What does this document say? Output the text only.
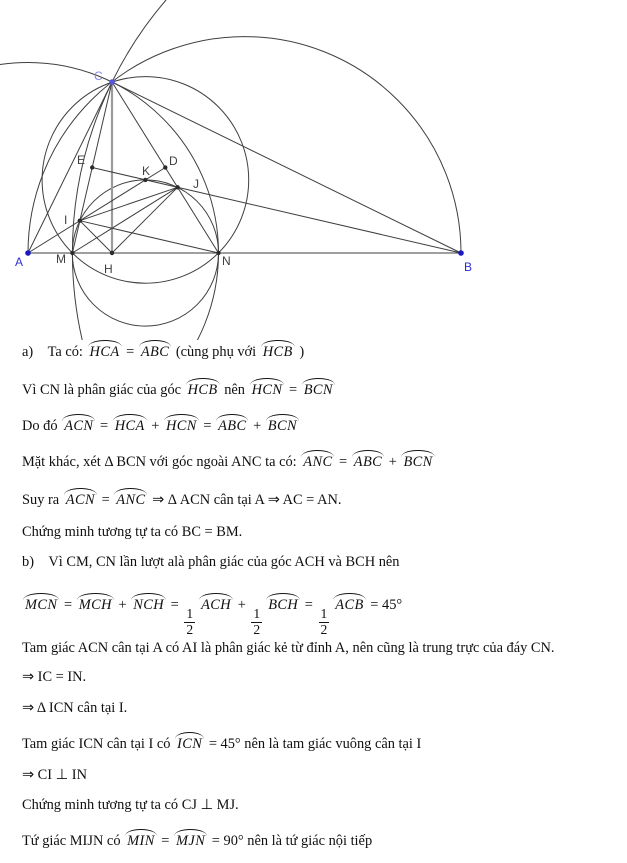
A	B
C
M
H
N
I
E
K
D
J
a)  Ta có: HCA = ABC (cùng phụ với HCB )
Vì CN là phân giác của góc HCB nên HCN = BCN
Do đó ACN = HCA + HCN = ABC + BCN
Mặt khác, xét Δ BCN với góc ngoài ANC ta có: ANC = ABC + BCN
Suy ra ACN = ANC ⇒ Δ ACN cân tại A ⇒ AC = AN.
Chứng minh tương tự ta có BC = BM.
b)  Vì CM, CN lần lượt alà phân giác của góc ACH và BCH nên
MCN = MCH + NCH =
$\frac{1}{2}$
ACH +
$\frac{1}{2}$
BCH =
$\frac{1}{2}$
ACB = 45°
Tam giác ACN cân tại A có AI là phân giác kẻ từ đỉnh A, nên cũng là trung trực của đáy CN.
⇒ IC = IN.
⇒ Δ ICN cân tại I.
Tam giác ICN cân tại I có ICN = 45° nên là tam giác vuông cân tại I
⇒ CI ⊥ IN
Chứng minh tương tự ta có CJ ⊥ MJ.
Tứ giác MIJN có MIN = MJN = 90° nên là tứ giác nội tiếp
